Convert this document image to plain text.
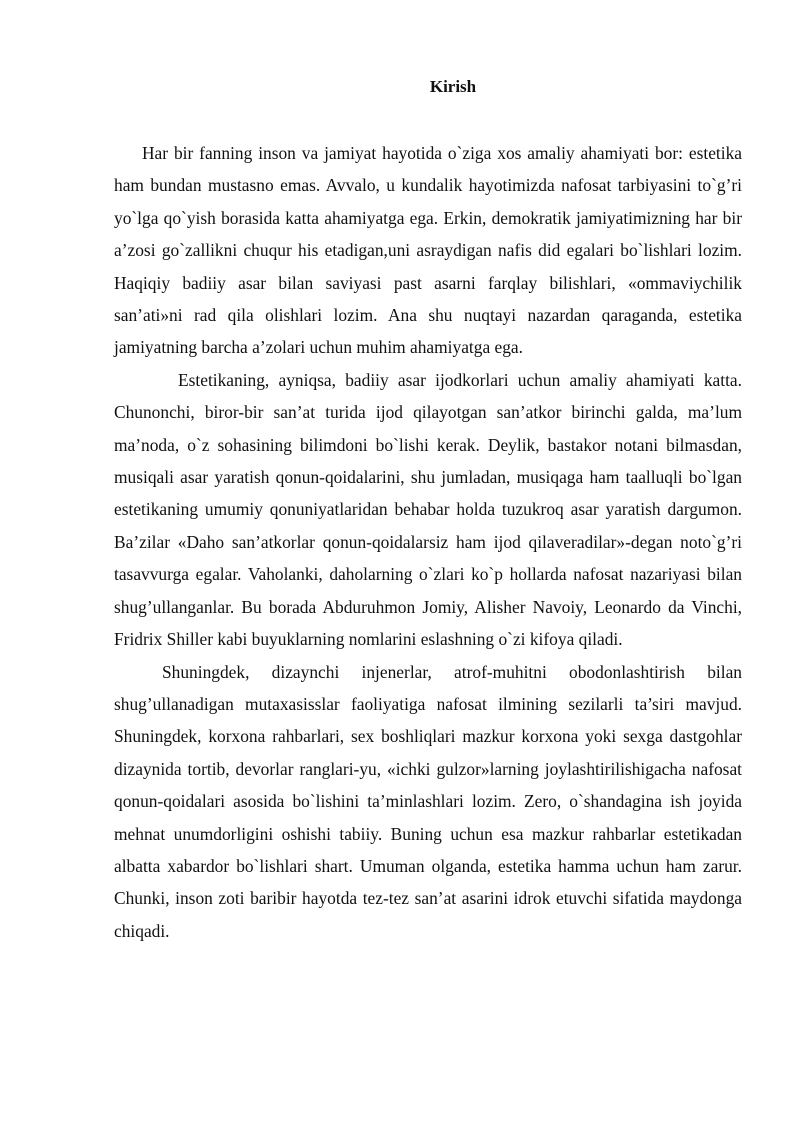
Kirish

Har bir fanning inson va jamiyat hayotida o`ziga xos amaliy ahamiyati bor: estetika ham bundan mustasno emas. Avvalo, u kundalik hayotimizda nafosat tarbiyasini to`g’ri yo`lga qo`yish borasida katta ahamiyatga ega. Erkin, demokratik jamiyatimizning har bir a’zosi go`zallikni chuqur his etadigan,uni asraydigan nafis did egalari bo`lishlari lozim. Haqiqiy badiiy asar bilan saviyasi past asarni farqlay bilishlari, «ommaviychilik san’ati»ni rad qila olishlari lozim. Ana shu nuqtayi nazardan qaraganda, estetika jamiyatning barcha a’zolari uchun muhim ahamiyatga ega.

Estetikaning, ayniqsa, badiiy asar ijodkorlari uchun amaliy ahamiyati katta. Chunonchi, biror-bir san’at turida ijod qilayotgan san’atkor birinchi galda, ma’lum ma’noda, o`z sohasining bilimdoni bo`lishi kerak. Deylik, bastakor notani bilmasdan, musiqali asar yaratish qonun-qoidalarini, shu jumladan, musiqaga ham taalluqli bo`lgan estetikaning umumiy qonuniyatlaridan behabar holda tuzukroq asar yaratish dargumon. Ba’zilar «Daho san’atkorlar qonun-qoidalarsiz ham ijod qilaveradilar»-degan noto`g’ri tasavvurga egalar. Vaholanki, daholarning o`zlari ko`p hollarda nafosat nazariyasi bilan shug’ullanganlar. Bu borada Abduruhmon Jomiy, Alisher Navoiy, Leonardo da Vinchi, Fridrix Shiller kabi buyuklarning nomlarini eslashning o`zi kifoya qiladi.

Shuningdek, dizaynchi injenerlar, atrof-muhitni obodonlashtirish bilan shug’ullanadigan mutaxasisslar faoliyatiga nafosat ilmining sezilarli ta’siri mavjud. Shuningdek, korxona rahbarlari, sex boshliqlari mazkur korxona yoki sexga dastgohlar dizaynida tortib, devorlar ranglari-yu, «ichki gulzor»larning joylashtirilishigacha nafosat qonun-qoidalari asosida bo`lishini ta’minlashlari lozim. Zero, o`shandagina ish joyida mehnat unumdorligini oshishi tabiiy. Buning uchun esa mazkur rahbarlar estetikadan albatta xabardor bo`lishlari shart. Umuman olganda, estetika hamma uchun ham zarur. Chunki, inson zoti baribir hayotda tez-tez san’at asarini idrok etuvchi sifatida maydonga chiqadi.
